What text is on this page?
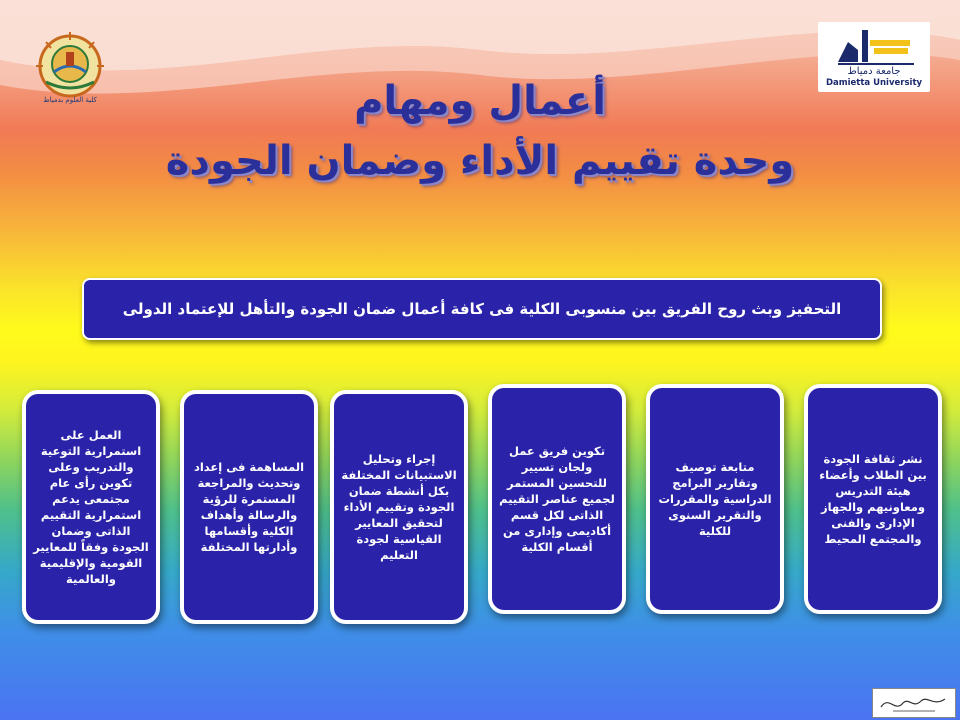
كلية العلوم بدمياط
جامعة دمياط
Damietta University
أعمال ومهام
وحدة تقييم الأداء وضمان الجودة
التحفيز وبث روح الفريق بين منسوبى الكلية فى كافة أعمال ضمان الجودة والتأهل للإعتماد الدولى
نشر ثقافة الجودة بين الطلاب وأعضاء هيئة التدريس ومعاونيهم والجهاز الإدارى والفنى والمجتمع المحيط
متابعة توصيف وتقارير البرامج الدراسية والمقررات والتقرير السنوى للكلية
تكوين فريق عمل ولجان تسيير للتحسين المستمر لجميع عناصر التقييم الذاتى لكل قسم أكاديمى وإدارى من أقسام الكلية
إجراء وتحليل الاستبيانات المختلفة بكل أنشطة ضمان الجودة وتقييم الأداء لتحقيق المعايير القياسية لجودة التعليم
المساهمة فى إعداد وتحديث والمراجعة المستمرة للرؤية والرسالة وأهداف الكلية وأقسامها وأدارتها المختلفة
العمل على استمرارية التوعية والتدريب وعلى تكوين رأى عام مجتمعى يدعم استمرارية التقييم الذاتى وضمان الجودة وفقاً للمعايير القومية والإقليمية والعالمية
